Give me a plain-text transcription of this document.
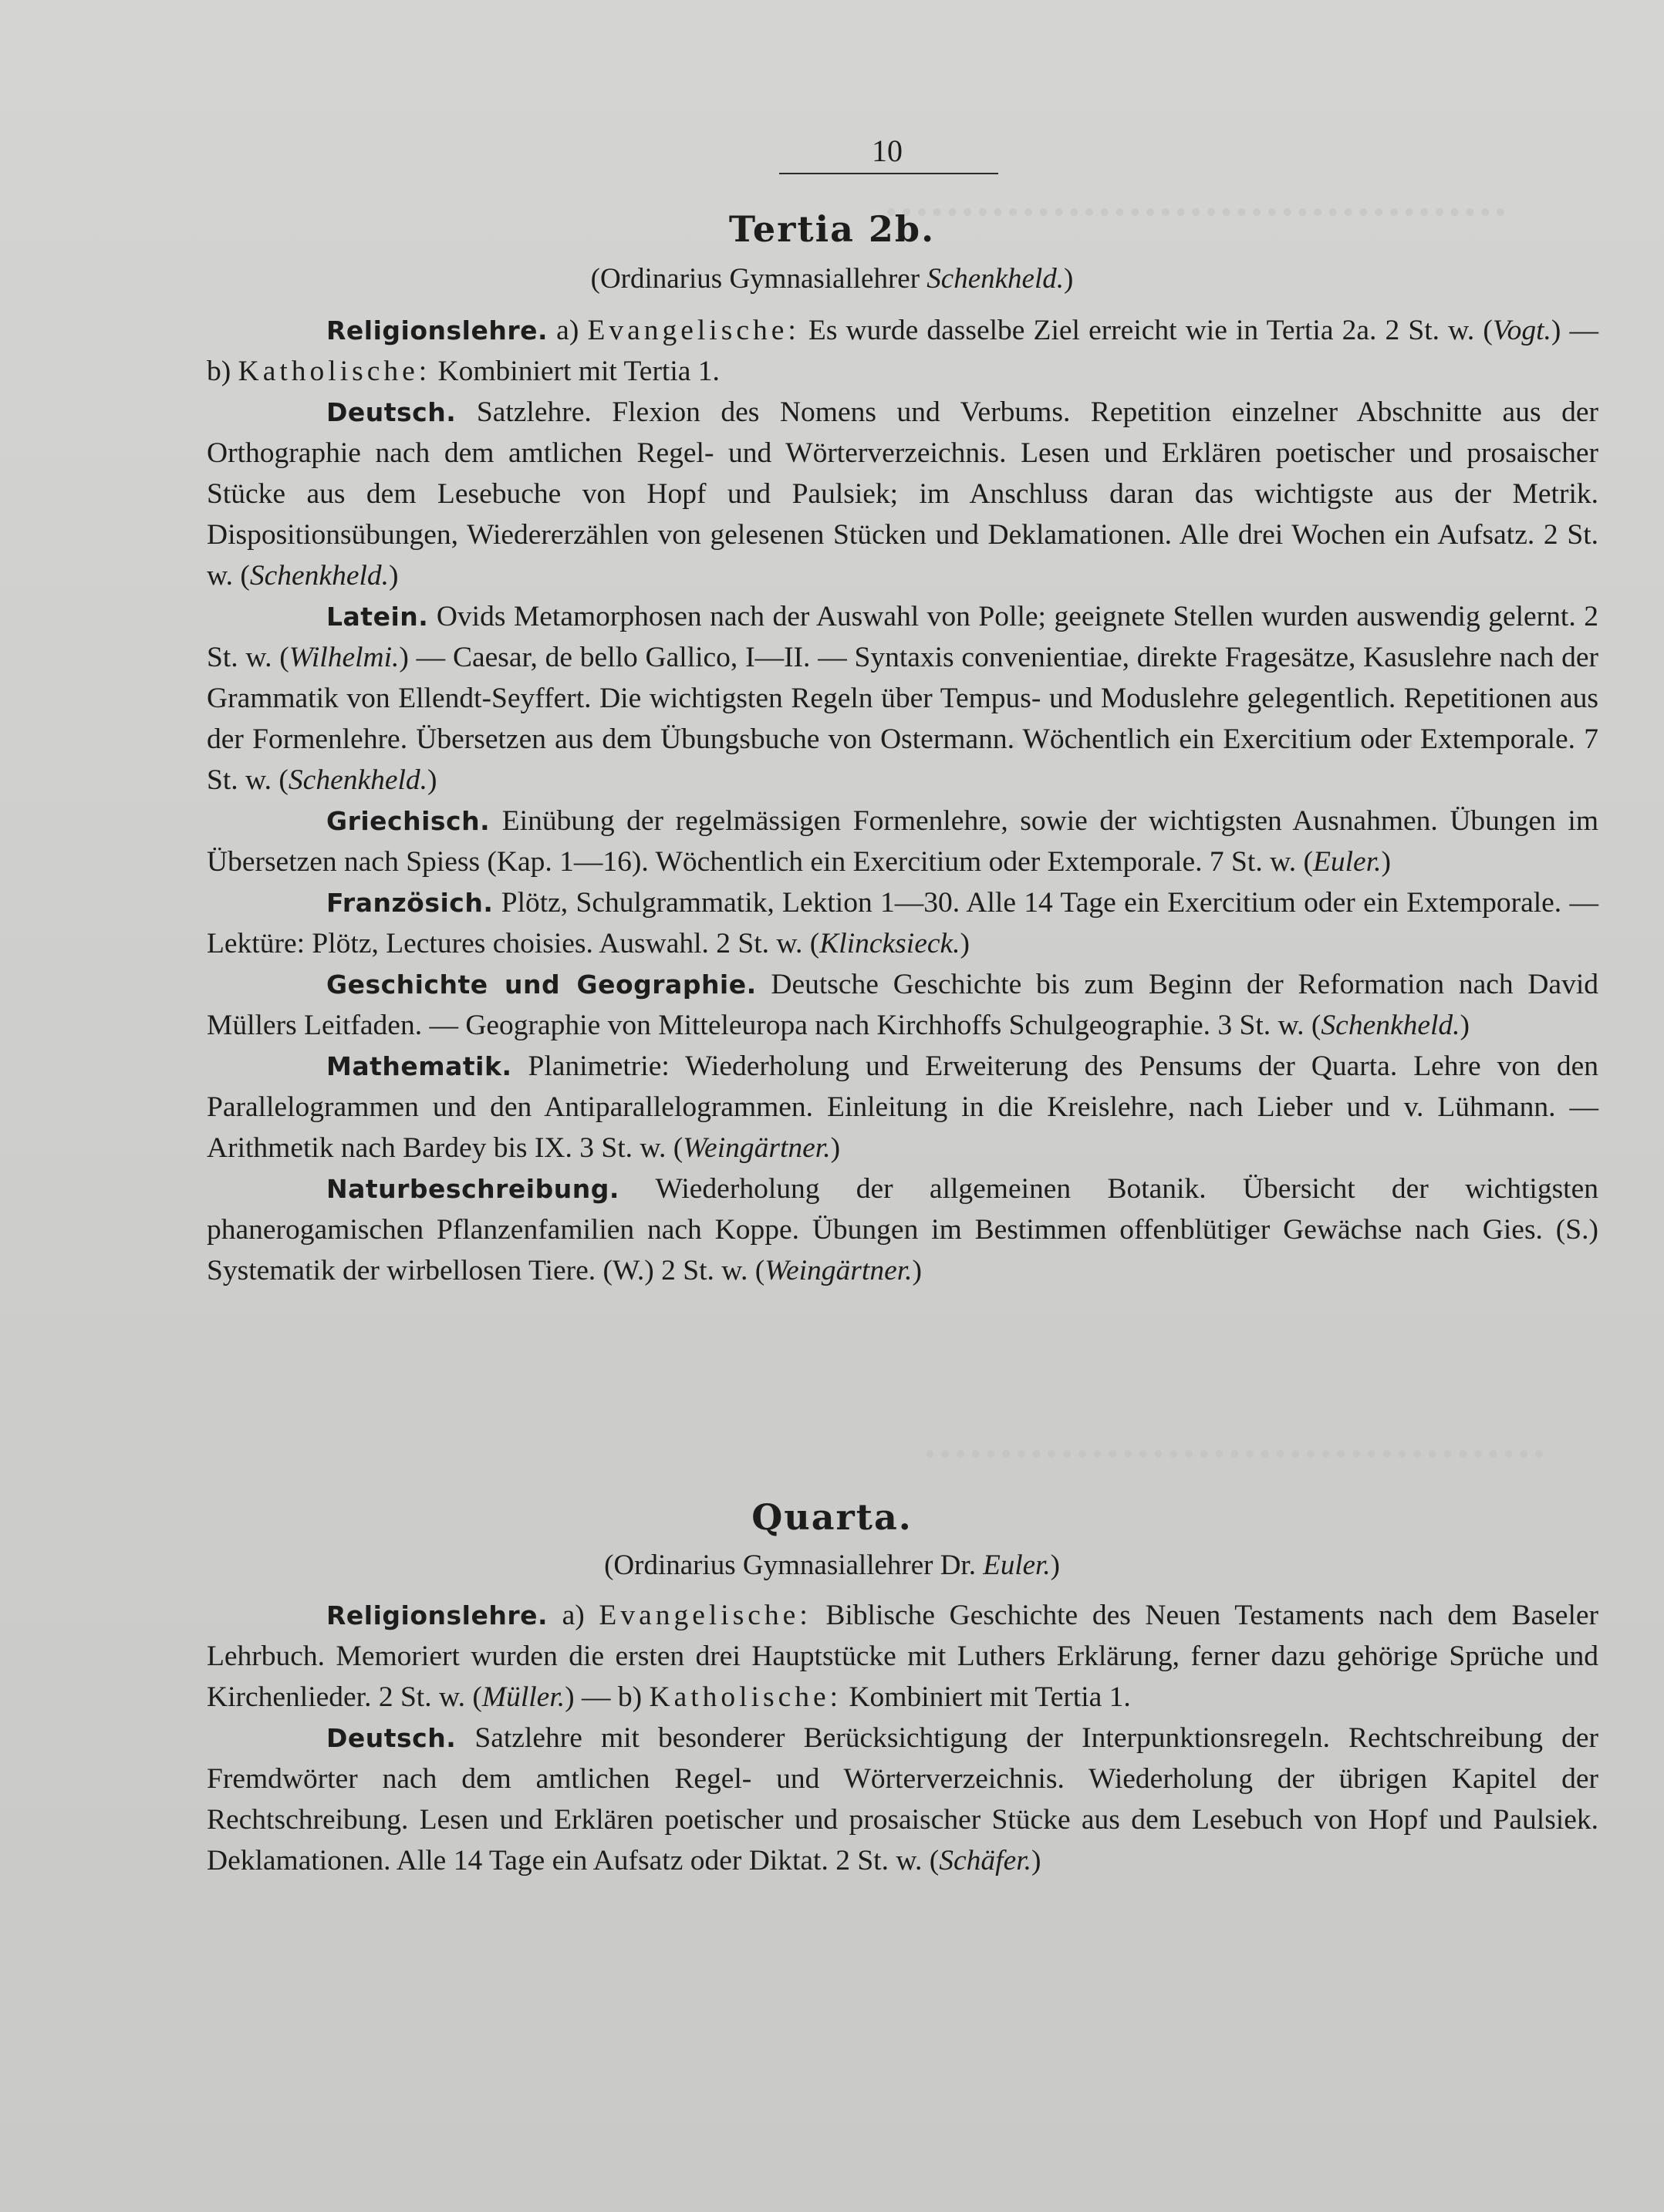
10
Tertia 2b.
(Ordinarius Gymnasiallehrer Schenkheld.)

Religionslehre. a) Evangelische: Es wurde dasselbe Ziel erreicht wie in Tertia 2a. 2 St. w. (Vogt.) — b) Katholische: Kombiniert mit Tertia 1.

Deutsch. Satzlehre. Flexion des Nomens und Verbums. Repetition einzelner Abschnitte aus der Orthographie nach dem amtlichen Regel- und Wörterverzeichnis. Lesen und Erklären poetischer und prosaischer Stücke aus dem Lesebuche von Hopf und Paulsiek; im Anschluss daran das wichtigste aus der Metrik. Dispositionsübungen, Wiedererzählen von gelesenen Stücken und Deklamationen. Alle drei Wochen ein Aufsatz. 2 St. w. (Schenkheld.)

Latein. Ovids Metamorphosen nach der Auswahl von Polle; geeignete Stellen wurden auswendig gelernt. 2 St. w. (Wilhelmi.) — Caesar, de bello Gallico, I—II. — Syntaxis convenientiae, direkte Fragesätze, Kasuslehre nach der Grammatik von Ellendt-Seyffert. Die wichtigsten Regeln über Tempus- und Moduslehre gelegentlich. Repetitionen aus der Formenlehre. Übersetzen aus dem Übungsbuche von Ostermann. Wöchentlich ein Exercitium oder Extemporale. 7 St. w. (Schenkheld.)

Griechisch. Einübung der regelmässigen Formenlehre, sowie der wichtigsten Ausnahmen. Übungen im Übersetzen nach Spiess (Kap. 1—16). Wöchentlich ein Exercitium oder Extemporale. 7 St. w. (Euler.)

Französich. Plötz, Schulgrammatik, Lektion 1—30. Alle 14 Tage ein Exercitium oder ein Extemporale. — Lektüre: Plötz, Lectures choisies. Auswahl. 2 St. w. (Klincksieck.)

Geschichte und Geographie. Deutsche Geschichte bis zum Beginn der Reformation nach David Müllers Leitfaden. — Geographie von Mitteleuropa nach Kirchhoffs Schulgeographie. 3 St. w. (Schenkheld.)

Mathematik. Planimetrie: Wiederholung und Erweiterung des Pensums der Quarta. Lehre von den Parallelogrammen und den Antiparallelogrammen. Einleitung in die Kreislehre, nach Lieber und v. Lühmann. — Arithmetik nach Bardey bis IX. 3 St. w. (Weingärtner.)

Naturbeschreibung. Wiederholung der allgemeinen Botanik. Übersicht der wichtigsten phanerogamischen Pflanzenfamilien nach Koppe. Übungen im Bestimmen offenblütiger Gewächse nach Gies. (S.) Systematik der wirbellosen Tiere. (W.) 2 St. w. (Weingärtner.)

Quarta.
(Ordinarius Gymnasiallehrer Dr. Euler.)

Religionslehre. a) Evangelische: Biblische Geschichte des Neuen Testaments nach dem Baseler Lehrbuch. Memoriert wurden die ersten drei Hauptstücke mit Luthers Erklärung, ferner dazu gehörige Sprüche und Kirchenlieder. 2 St. w. (Müller.) — b) Katholische: Kombiniert mit Tertia 1.

Deutsch. Satzlehre mit besonderer Berücksichtigung der Interpunktionsregeln. Rechtschreibung der Fremdwörter nach dem amtlichen Regel- und Wörterverzeichnis. Wiederholung der übrigen Kapitel der Rechtschreibung. Lesen und Erklären poetischer und prosaischer Stücke aus dem Lesebuch von Hopf und Paulsiek. Deklamationen. Alle 14 Tage ein Aufsatz oder Diktat. 2 St. w. (Schäfer.)
